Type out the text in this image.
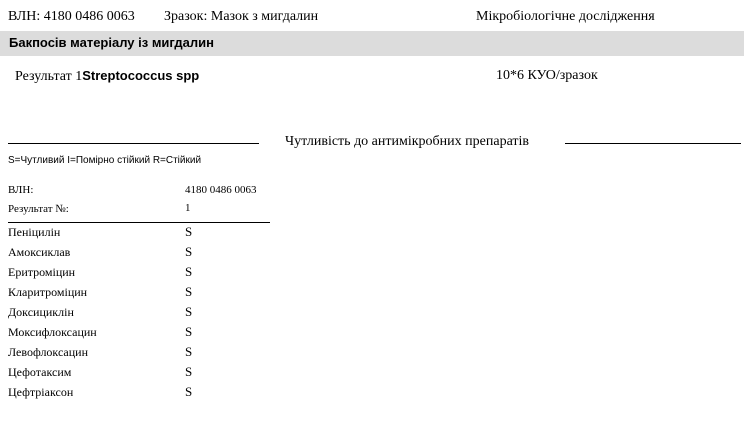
ВЛН: 4180 0486 0063 Зразок: Мазок з мигдалин	Мікробіологічне дослідження
Бакпосів матеріалу із мигдалин
Результат 1Streptococcus spp	10*6 КУО/зразок
Чутливість до антимікробних препаратів
S=Чутливий I=Помірно стійкий R=Стійкий
ВЛН:	4180 0486 0063
Результат №:	1
Пеніцилін	S
Амоксиклав	S
Еритроміцин	S
Кларитроміцин	S
Доксициклін	S
Моксифлоксацин	S
Левофлоксацин	S
Цефотаксим	S
Цефтріаксон	S
